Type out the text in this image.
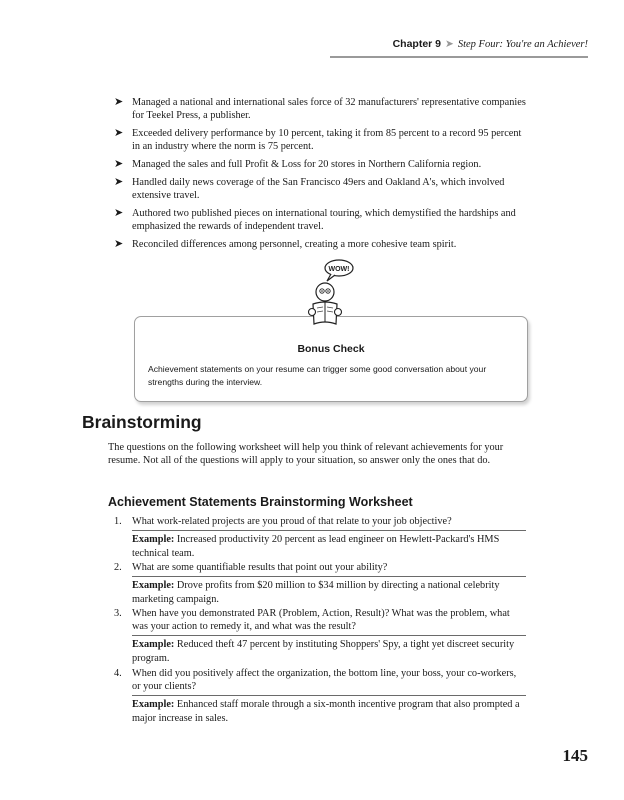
Chapter 9 ➤ Step Four: You're an Achiever!
➤ Managed a national and international sales force of 32 manufacturers' representative companies for Teekel Press, a publisher.
➤ Exceeded delivery performance by 10 percent, taking it from 85 percent to a record 95 percent in an industry where the norm is 75 percent.
➤ Managed the sales and full Profit & Loss for 20 stores in Northern California region.
➤ Handled daily news coverage of the San Francisco 49ers and Oakland A's, which involved extensive travel.
➤ Authored two published pieces on international touring, which demystified the hardships and emphasized the rewards of independent travel.
➤ Reconciled differences among personnel, creating a more cohesive team spirit.
Bonus Check
Achievement statements on your resume can trigger some good conversation about your strengths during the interview.
WOW!
Brainstorming
The questions on the following worksheet will help you think of relevant achievements for your resume. Not all of the questions will apply to your situation, so answer only the ones that do.
Achievement Statements Brainstorming Worksheet
1. What work-related projects are you proud of that relate to your job objective?
Example: Increased productivity 20 percent as lead engineer on Hewlett-Packard's HMS technical team.
2. What are some quantifiable results that point out your ability?
Example: Drove profits from $20 million to $34 million by directing a national celebrity marketing campaign.
3. When have you demonstrated PAR (Problem, Action, Result)? What was the problem, what was your action to remedy it, and what was the result?
Example: Reduced theft 47 percent by instituting Shoppers' Spy, a tight yet discreet security program.
4. When did you positively affect the organization, the bottom line, your boss, your co-workers, or your clients?
Example: Enhanced staff morale through a six-month incentive program that also prompted a major increase in sales.
145
